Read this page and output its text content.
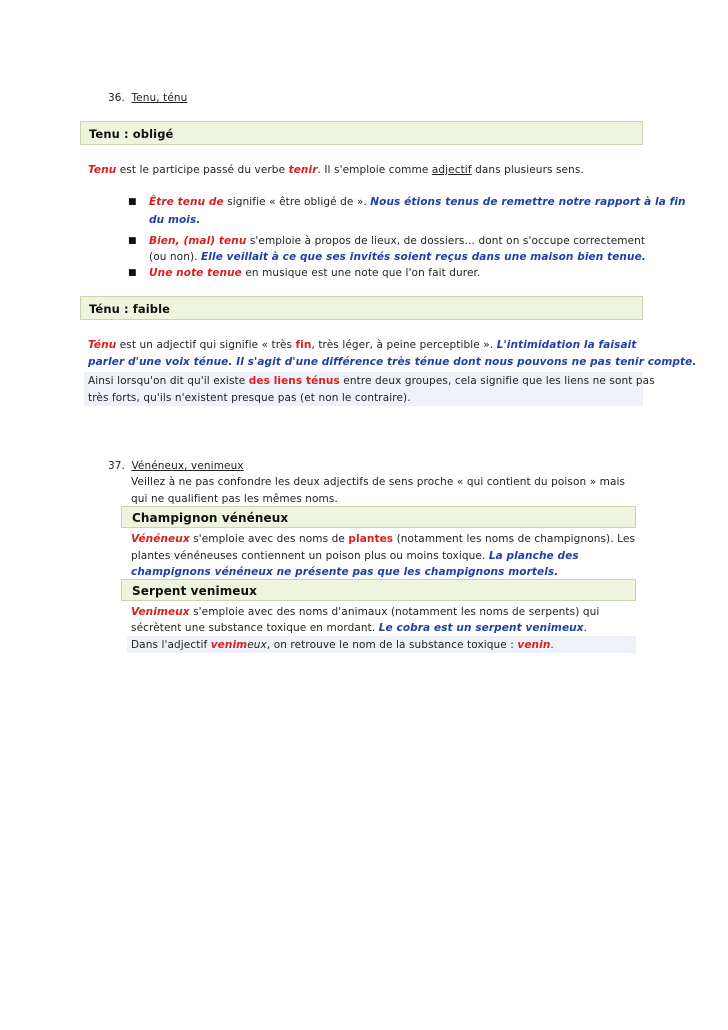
36. Tenu, ténu
Tenu : obligé
Tenu est le participe passé du verbe tenir. Il s'emploie comme adjectif dans plusieurs sens.
■ Être tenu de signifie « être obligé de ». Nous étions tenus de remettre notre rapport à la fin
du mois.
■ Bien, (mal) tenu s'emploie à propos de lieux, de dossiers… dont on s'occupe correctement
(ou non). Elle veillait à ce que ses invités soient reçus dans une maison bien tenue.
■ Une note tenue en musique est une note que l'on fait durer.
Ténu : faible
Ténu est un adjectif qui signifie « très fin, très léger, à peine perceptible ». L'intimidation la faisait
parler d'une voix ténue. Il s'agit d'une différence très ténue dont nous pouvons ne pas tenir compte.
Ainsi lorsqu'on dit qu'il existe des liens ténus entre deux groupes, cela signifie que les liens ne sont pas
très forts, qu'ils n'existent presque pas (et non le contraire).
37. Vénéneux, venimeux
Veillez à ne pas confondre les deux adjectifs de sens proche « qui contient du poison » mais
qui ne qualifient pas les mêmes noms.
Champignon vénéneux
Vénéneux s'emploie avec des noms de plantes (notamment les noms de champignons). Les
plantes vénéneuses contiennent un poison plus ou moins toxique. La planche des
champignons vénéneux ne présente pas que les champignons mortels.
Serpent venimeux
Venimeux s'emploie avec des noms d'animaux (notamment les noms de serpents) qui
sécrètent une substance toxique en mordant. Le cobra est un serpent venimeux.
Dans l'adjectif venimeux, on retrouve le nom de la substance toxique : venin.
